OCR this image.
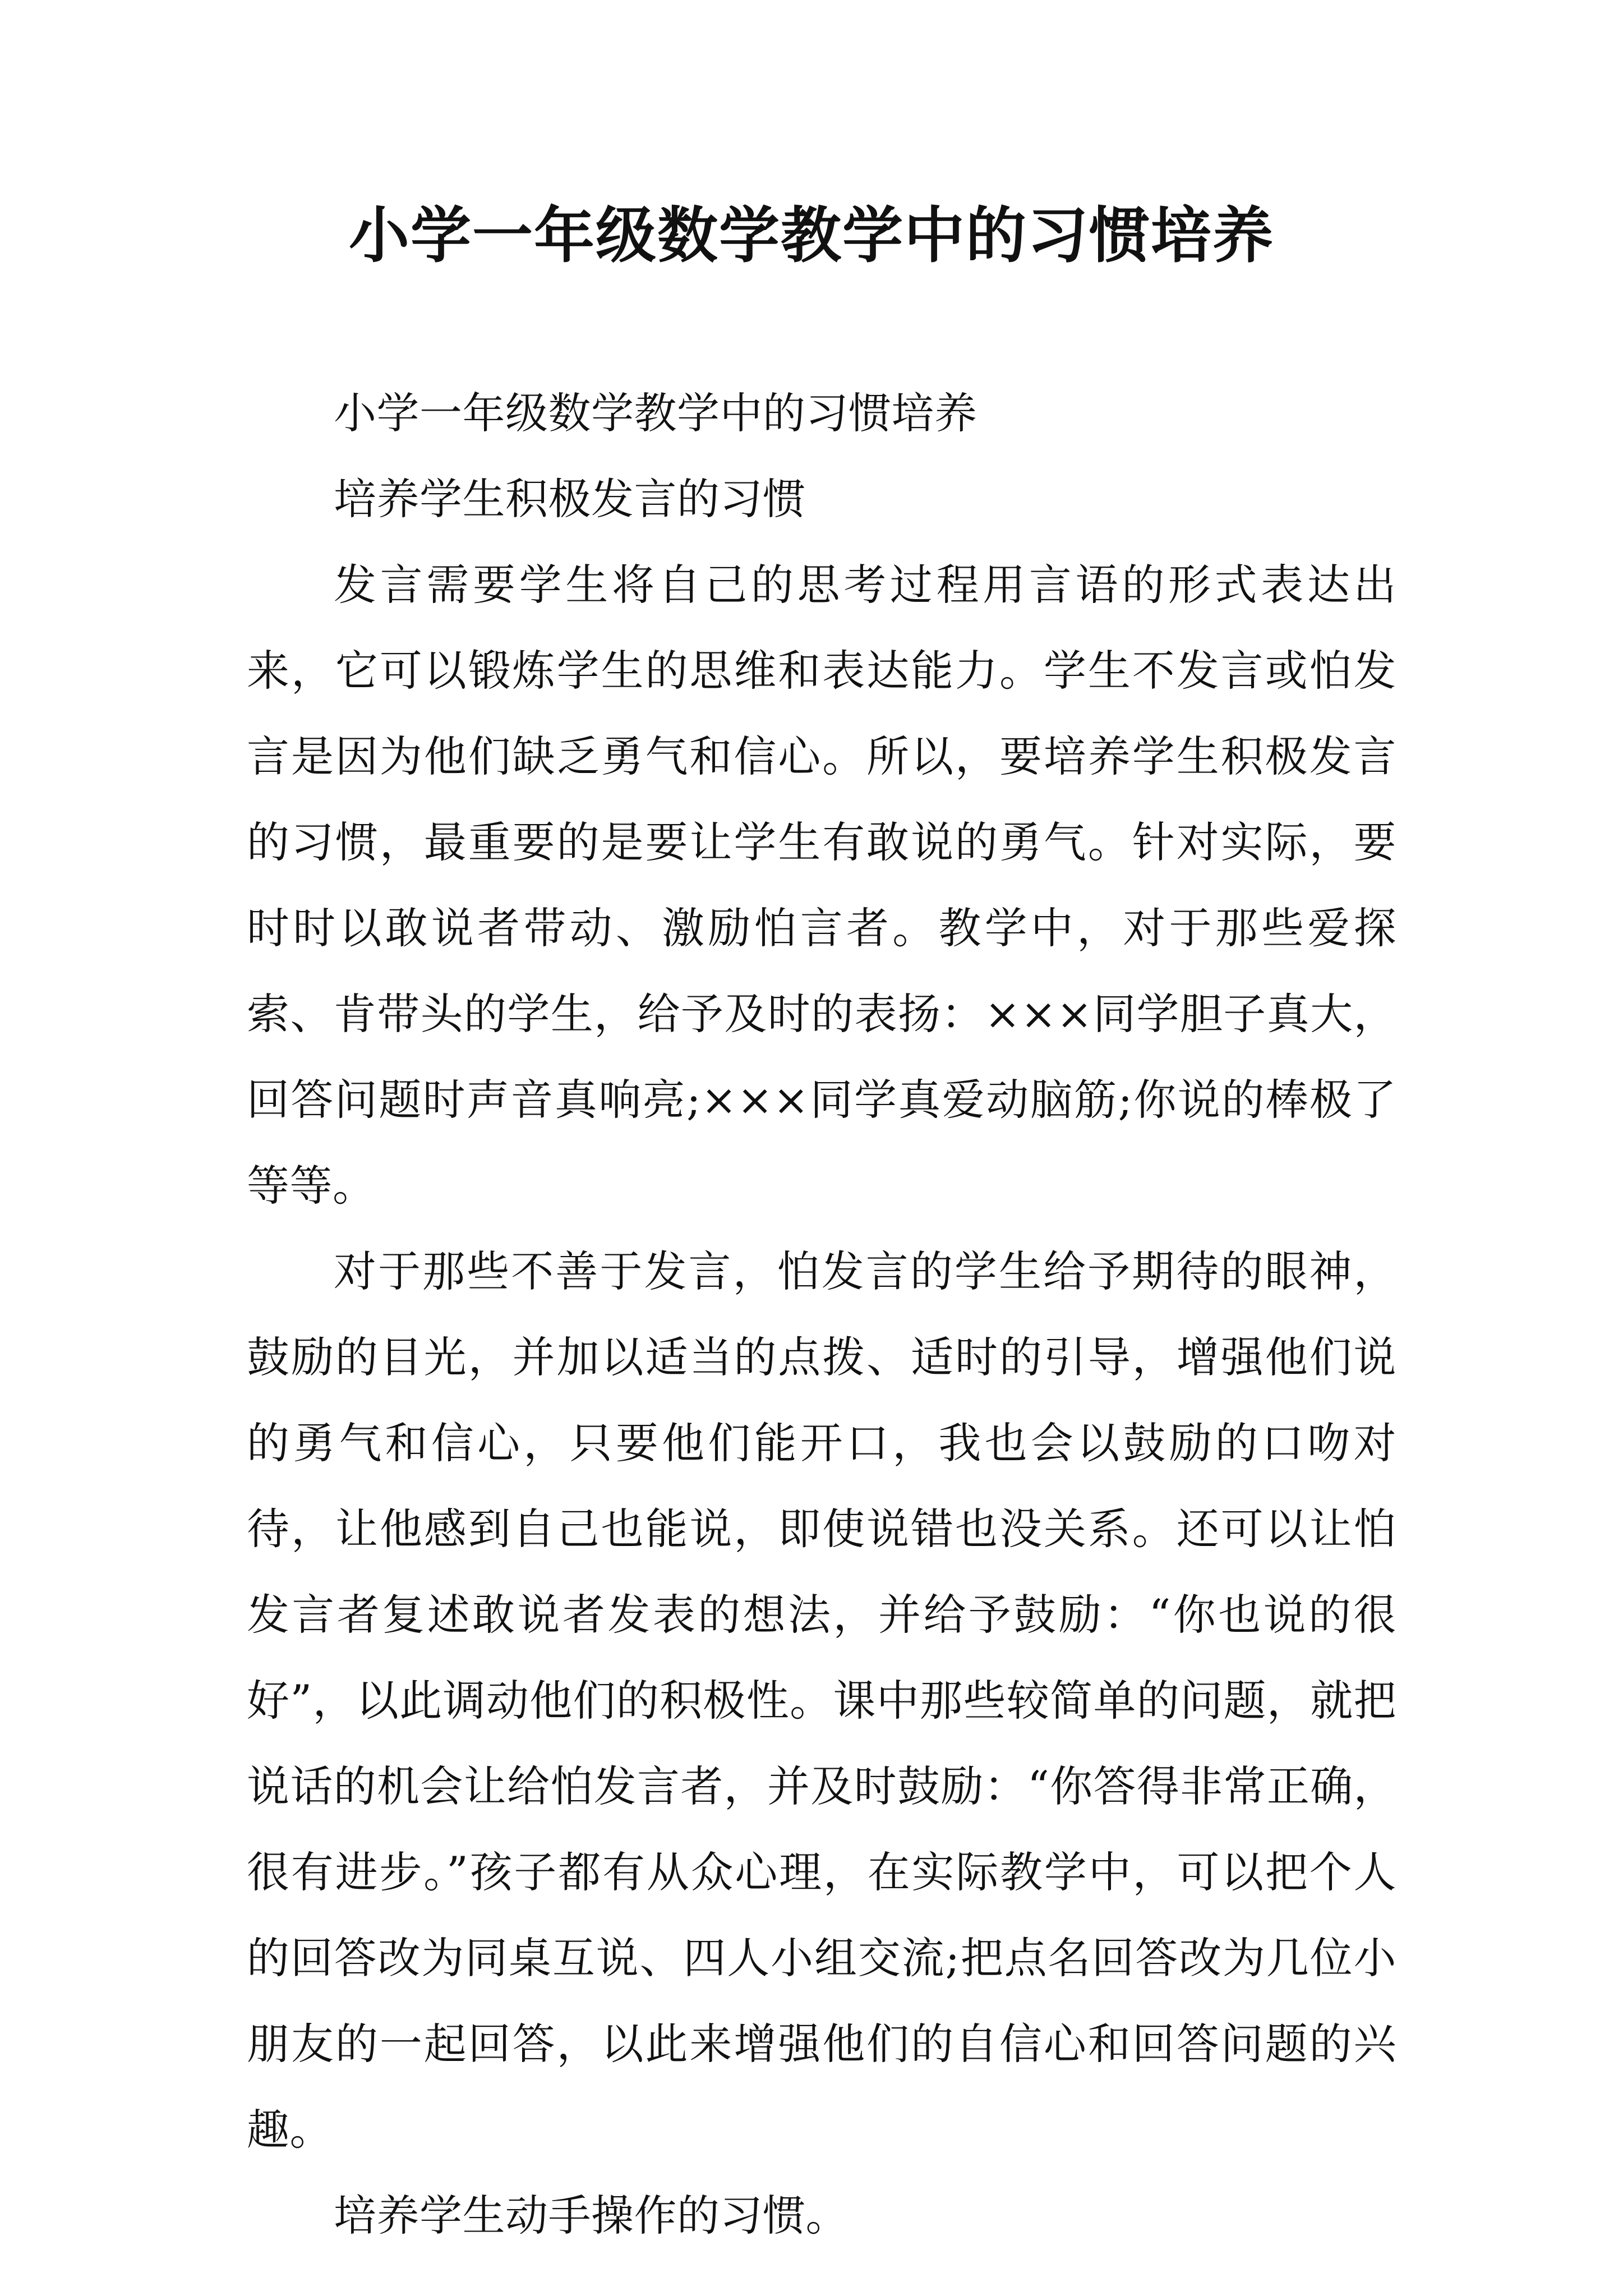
小学一年级数学教学中的习惯培养

小学一年级数学教学中的习惯培养

培养学生积极发言的习惯

发言需要学生将自己的思考过程用言语的形式表达出来，它可以锻炼学生的思维和表达能力。学生不发言或怕发言是因为他们缺乏勇气和信心。所以，要培养学生积极发言的习惯，最重要的是要让学生有敢说的勇气。针对实际，要时时以敢说者带动、激励怕言者。教学中，对于那些爱探索、肯带头的学生，给予及时的表扬：×××同学胆子真大，回答问题时声音真响亮;×××同学真爱动脑筋;你说的棒极了等等。

对于那些不善于发言，怕发言的学生给予期待的眼神，鼓励的目光，并加以适当的点拨、适时的引导，增强他们说的勇气和信心，只要他们能开口，我也会以鼓励的口吻对待，让他感到自己也能说，即使说错也没关系。还可以让怕发言者复述敢说者发表的想法，并给予鼓励：“你也说的很好”，以此调动他们的积极性。课中那些较简单的问题，就把说话的机会让给怕发言者，并及时鼓励：“你答得非常正确，很有进步。”孩子都有从众心理，在实际教学中，可以把个人的回答改为同桌互说、四人小组交流;把点名回答改为几位小朋友的一起回答，以此来增强他们的自信心和回答问题的兴趣。

培养学生动手操作的习惯。
